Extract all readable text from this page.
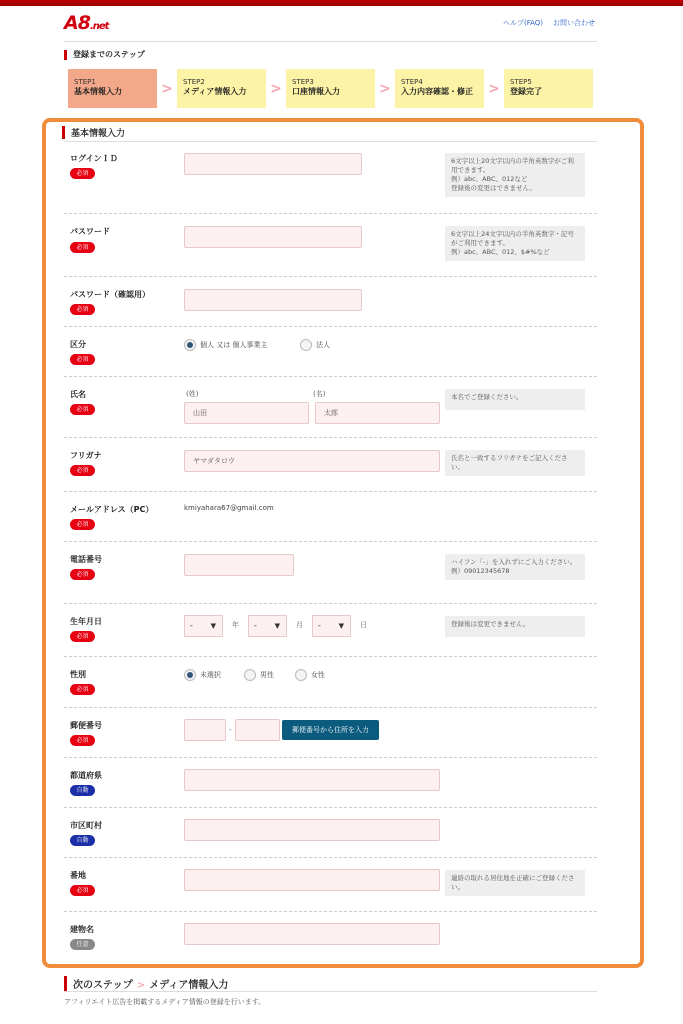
A8.net	ヘルプ(FAQ) お問い合わせ
登録までのステップ
STEP1
基本情報入力	>	STEP2
メディア情報入力	>	STEP3
口座情報入力	>	STEP4
入力内容確認・修正	>	STEP5
登録完了
基本情報入力
ログインＩＤ
必須
6文字以上20文字以内の半角英数字がご利用できます。
例）abc、ABC、012など
登録後の変更はできません。
パスワード
必須
6文字以上24文字以内の半角英数字・記号がご利用できます。
例）abc、ABC、012、$#%など
パスワード（確認用）
必須
区分
必須
個人 又は 個人事業主	法人
氏名
必須
(姓)	(名)
山田	太郎
本名でご登録ください。
フリガナ
必須
ヤマダタロウ	氏名と一致するフリガナをご記入ください。
メールアドレス（PC）
必須
kmiyahara67@gmail.com
電話番号
必須
ハイフン「-」を入れずにご入力ください。
例）09012345678
生年月日
必須
-	▼ 年	-	▼ 月	-	▼ 日	登録後は変更できません。
性別
必須
未選択	男性	女性
郵便番号
必須
-	郵便番号から住所を入力
都道府県
自動
市区町村
自動
番地
必須
連絡の取れる居住地を正確にご登録ください。
建物名
任意
次のステップ > メディア情報入力
アフィリエイト広告を掲載するメディア情報の登録を行います。
